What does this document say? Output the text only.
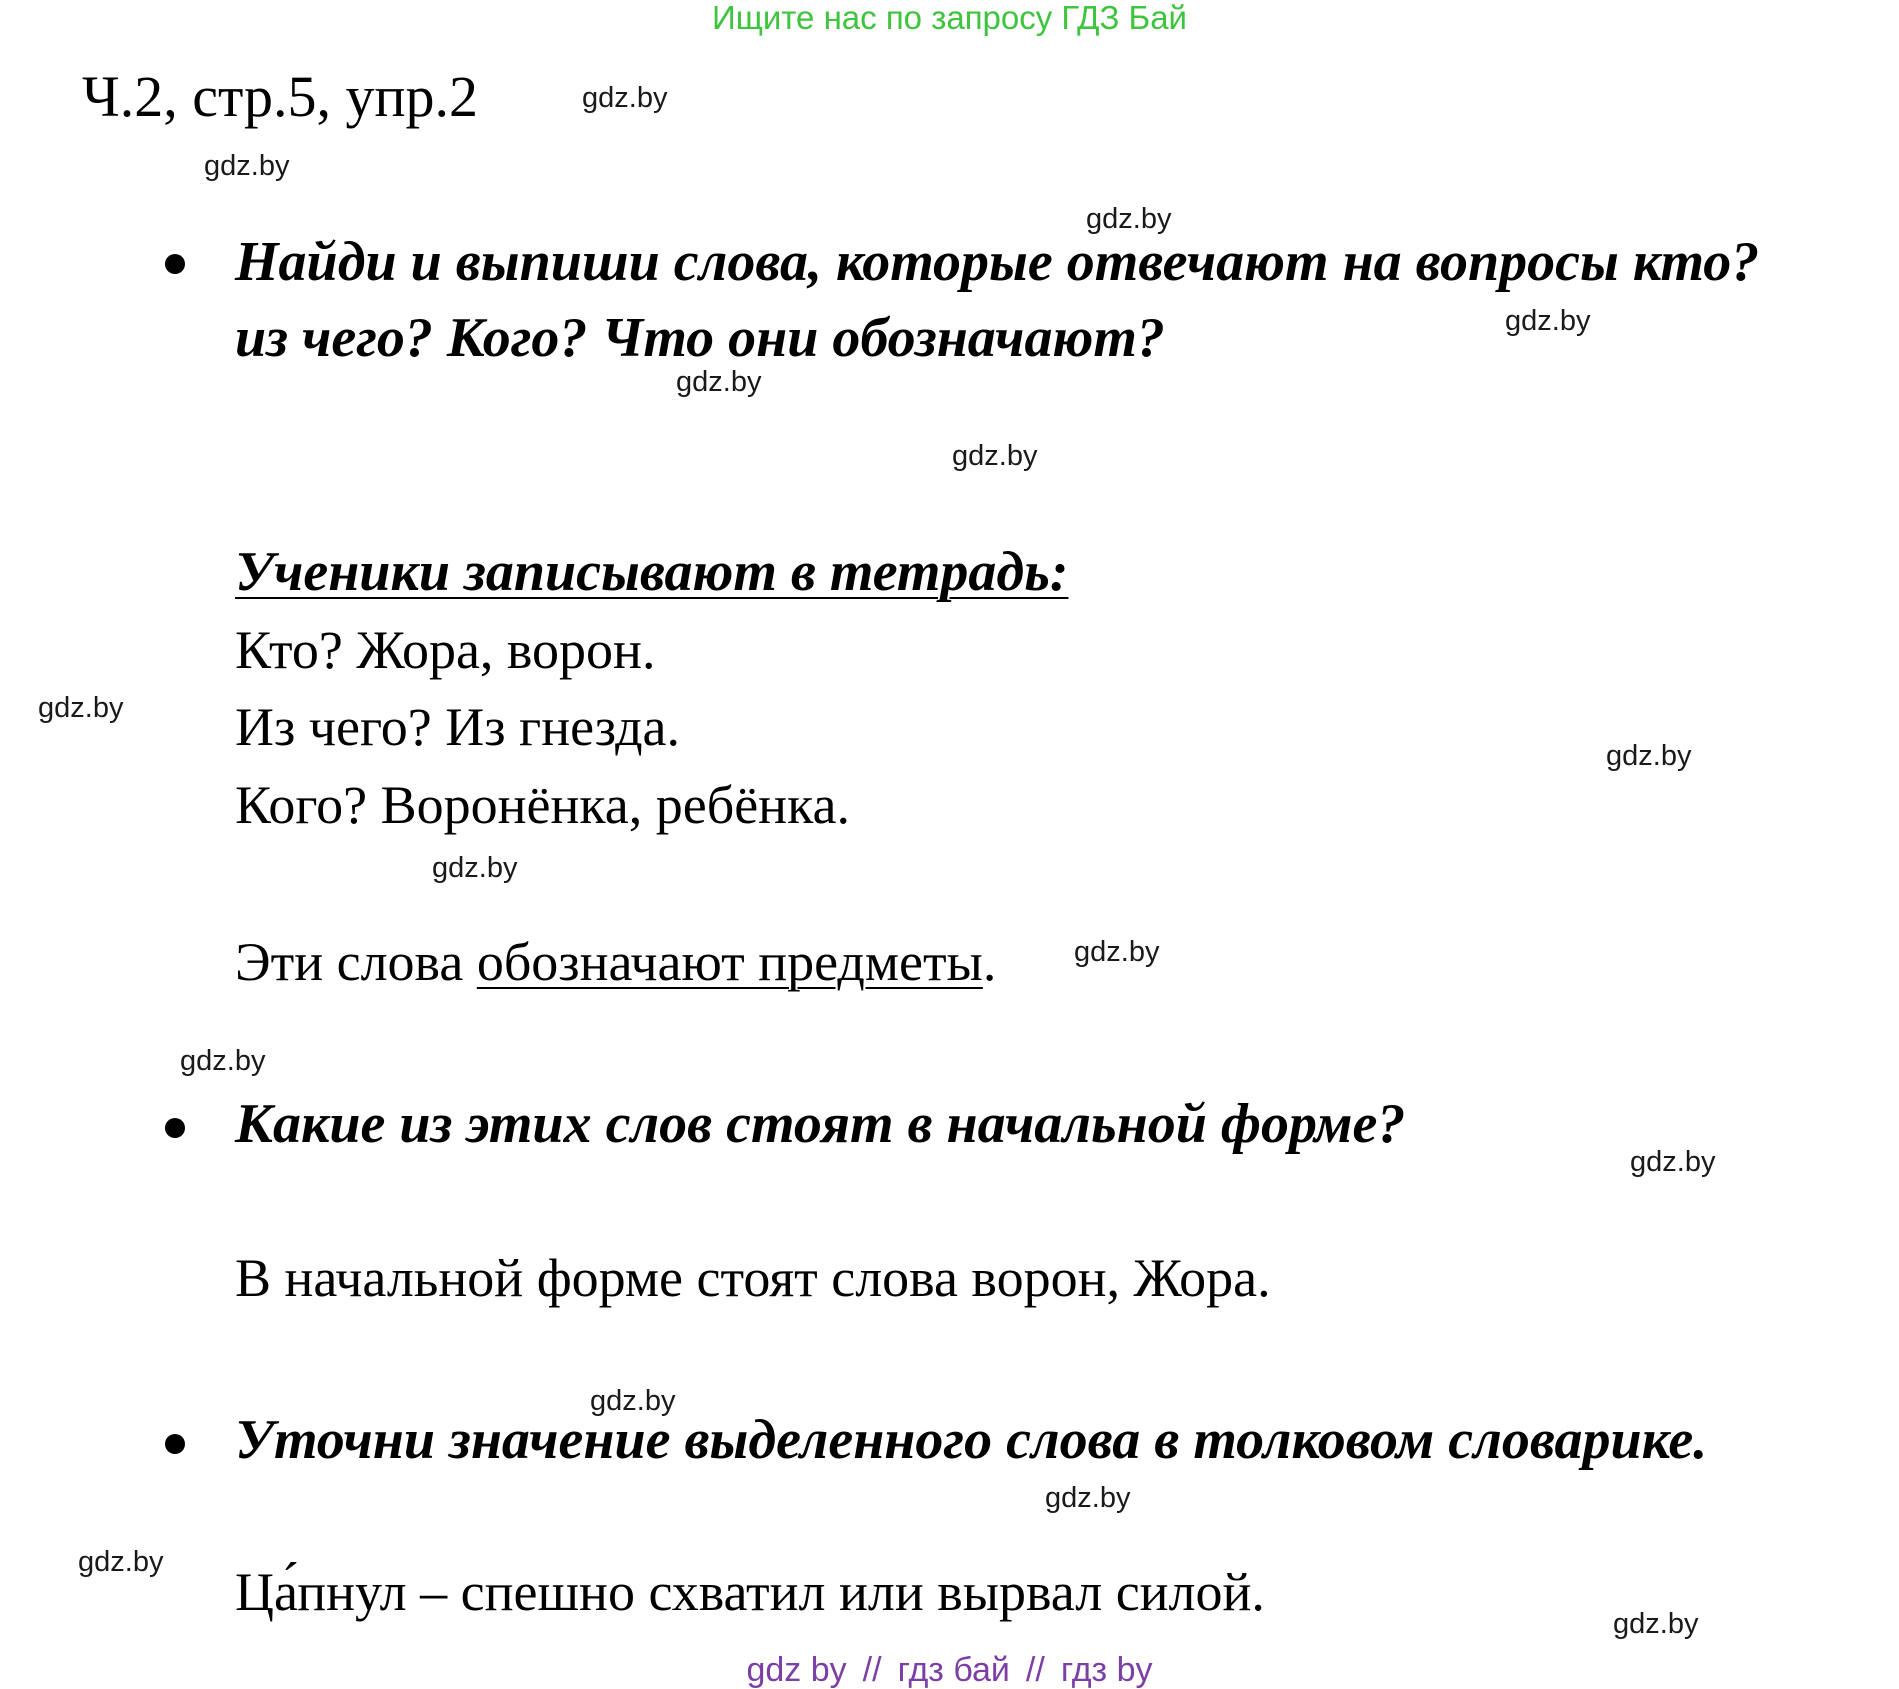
Ищите нас по запросу ГДЗ Бай
Ч.2, стр.5, упр.2	gdz.by
gdz.by
gdz.by
gdz.by
gdz.by
gdz.by
gdz.by
gdz.by
gdz.by
gdz.by
gdz.by
gdz.by
gdz.by
gdz.by
gdz.by
gdz.by
Найди и выпиши слова, которые отвечают на вопросы кто?
из чего? Кого? Что они обозначают?
Ученики записывают в тетрадь:
Кто? Жора, ворон.
Из чего? Из гнезда.
Кого? Воронёнка, ребёнка.
Эти слова обозначают предметы.
Какие из этих слов стоят в начальной форме?
В начальной форме стоят слова ворон, Жора.
Уточни значение выделенного слова в толковом словарике.
Ца́пнул – спешно схватил или вырвал силой.
gdz by // гдз бай // гдз by
